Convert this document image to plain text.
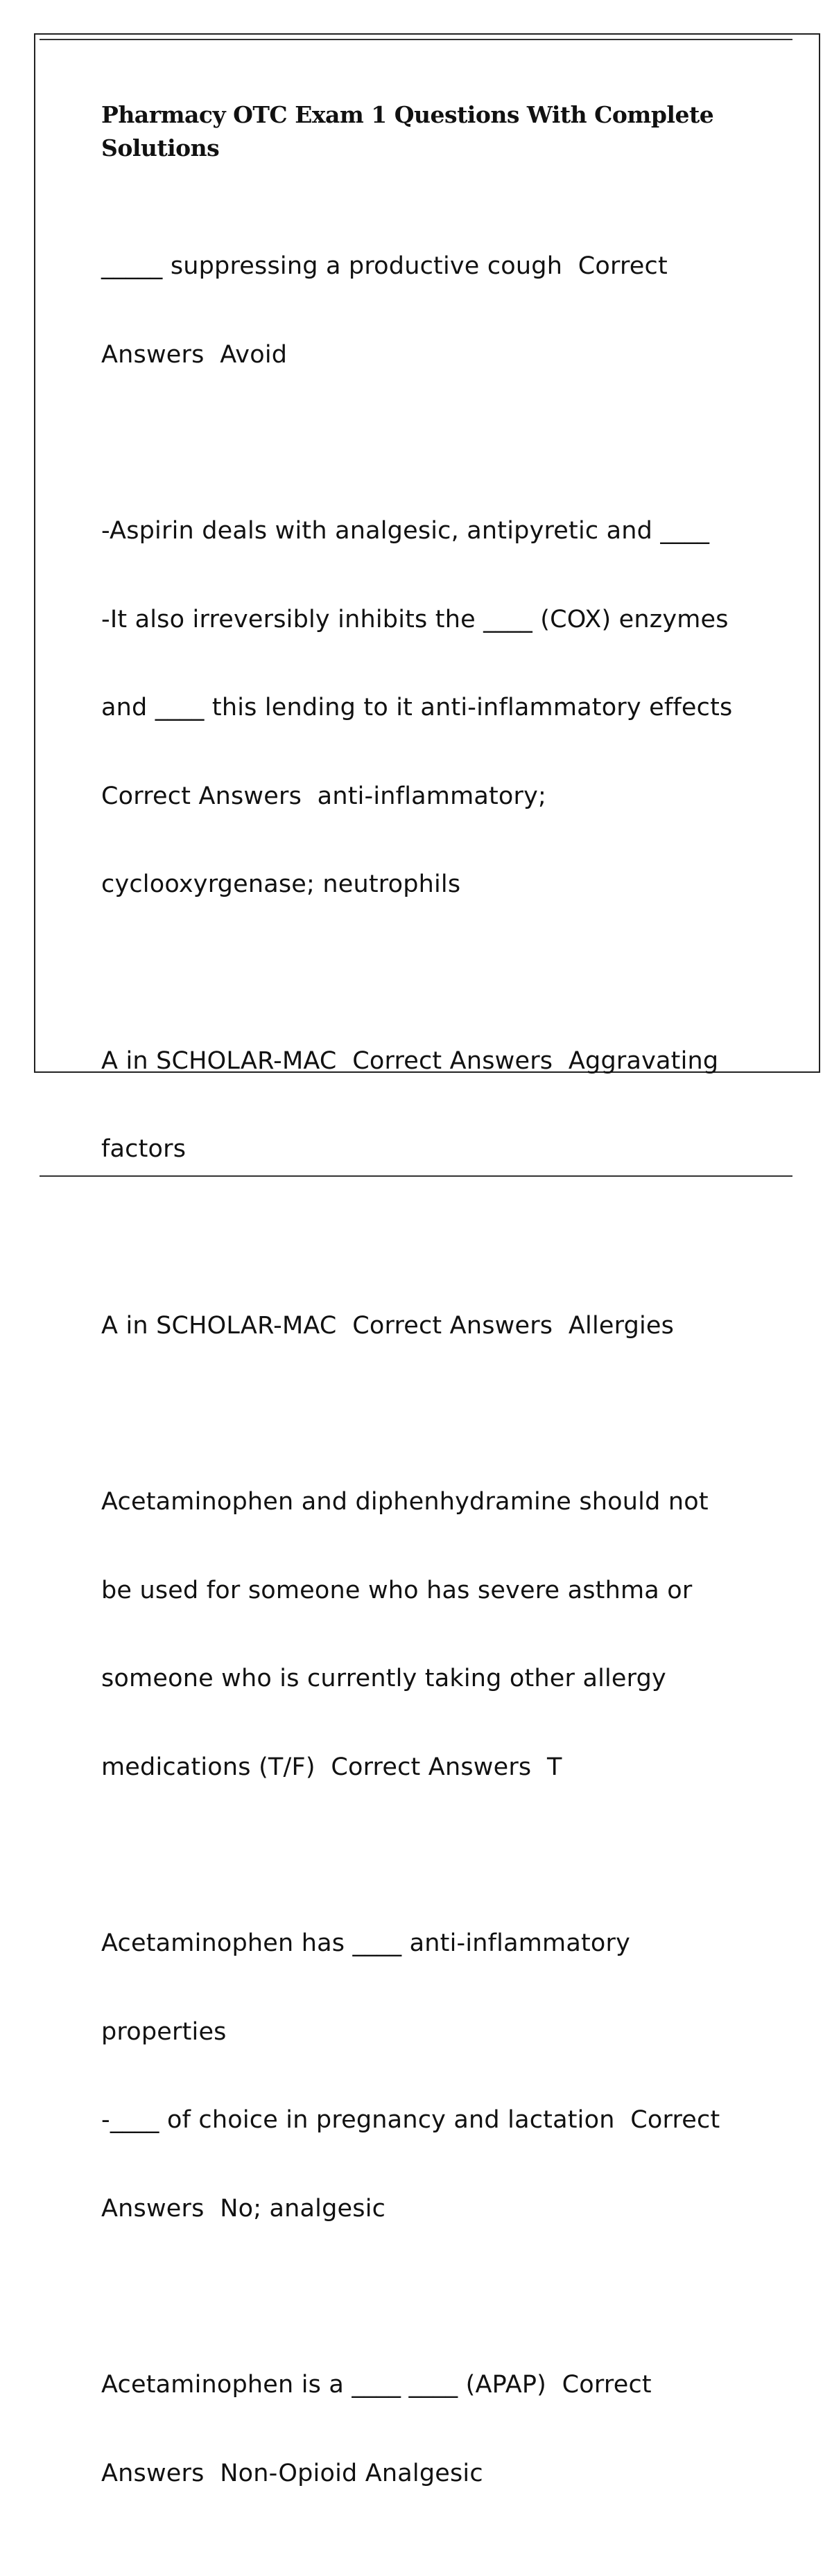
Pharmacy OTC Exam 1 Questions With Complete Solutions

_____ suppressing a productive cough  Correct

Answers  Avoid

-Aspirin deals with analgesic, antipyretic and ____

-It also irreversibly inhibits the ____ (COX) enzymes

and ____ this lending to it anti-inflammatory effects

Correct Answers  anti-inflammatory;

cyclooxyrgenase; neutrophils

A in SCHOLAR-MAC  Correct Answers  Aggravating

factors

A in SCHOLAR-MAC  Correct Answers  Allergies

Acetaminophen and diphenhydramine should not

be used for someone who has severe asthma or

someone who is currently taking other allergy

medications (T/F)  Correct Answers  T

Acetaminophen has ____ anti-inflammatory

properties

-____ of choice in pregnancy and lactation  Correct

Answers  No; analgesic

Acetaminophen is a ____ ____ (APAP)  Correct

Answers  Non-Opioid Analgesic
